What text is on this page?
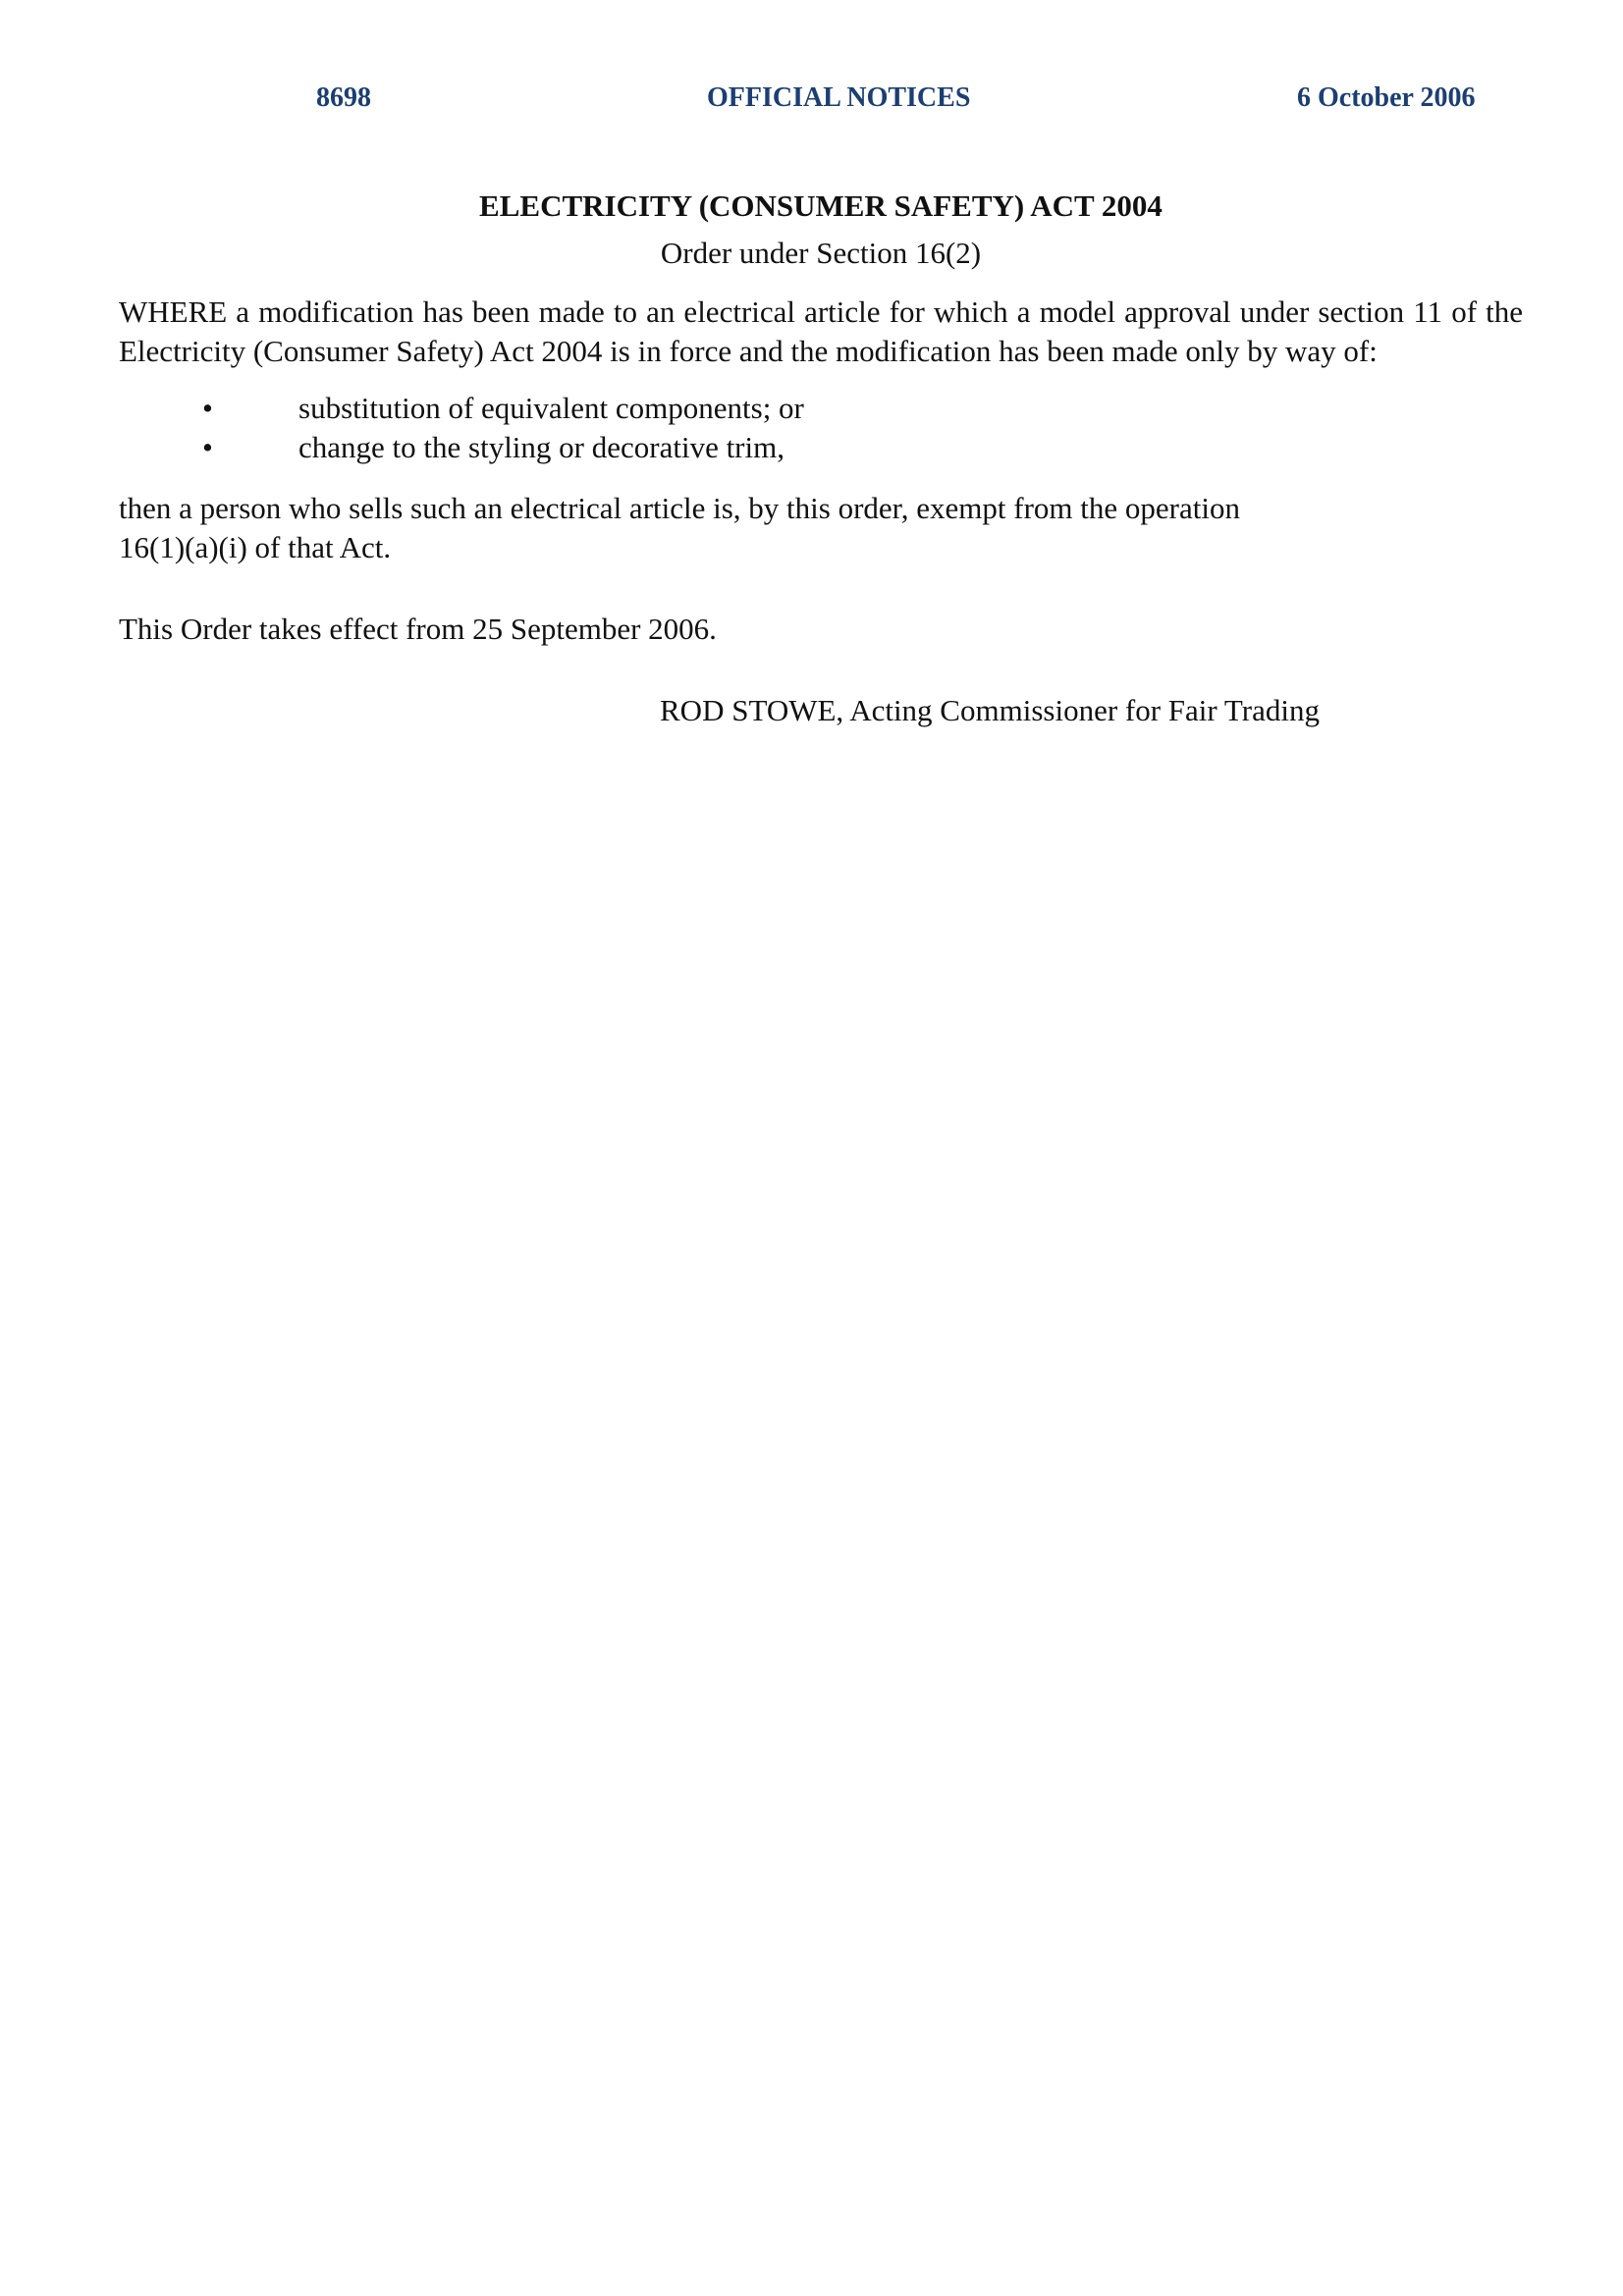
8698	OFFICIAL NOTICES	6 October 2006
ELECTRICITY (CONSUMER SAFETY) ACT 2004

Order under Section 16(2)

WHERE a modification has been made to an electrical article for which a model approval under section 11 of the Electricity (Consumer Safety) Act 2004 is in force and the modification has been made only by way of:

•	substitution of equivalent components; or
•	change to the styling or decorative trim,

then a person who sells such an electrical article is, by this order, exempt from the operation
16(1)(a)(i) of that Act.

This Order takes effect from 25 September 2006.

ROD STOWE, Acting Commissioner for Fair Trading
